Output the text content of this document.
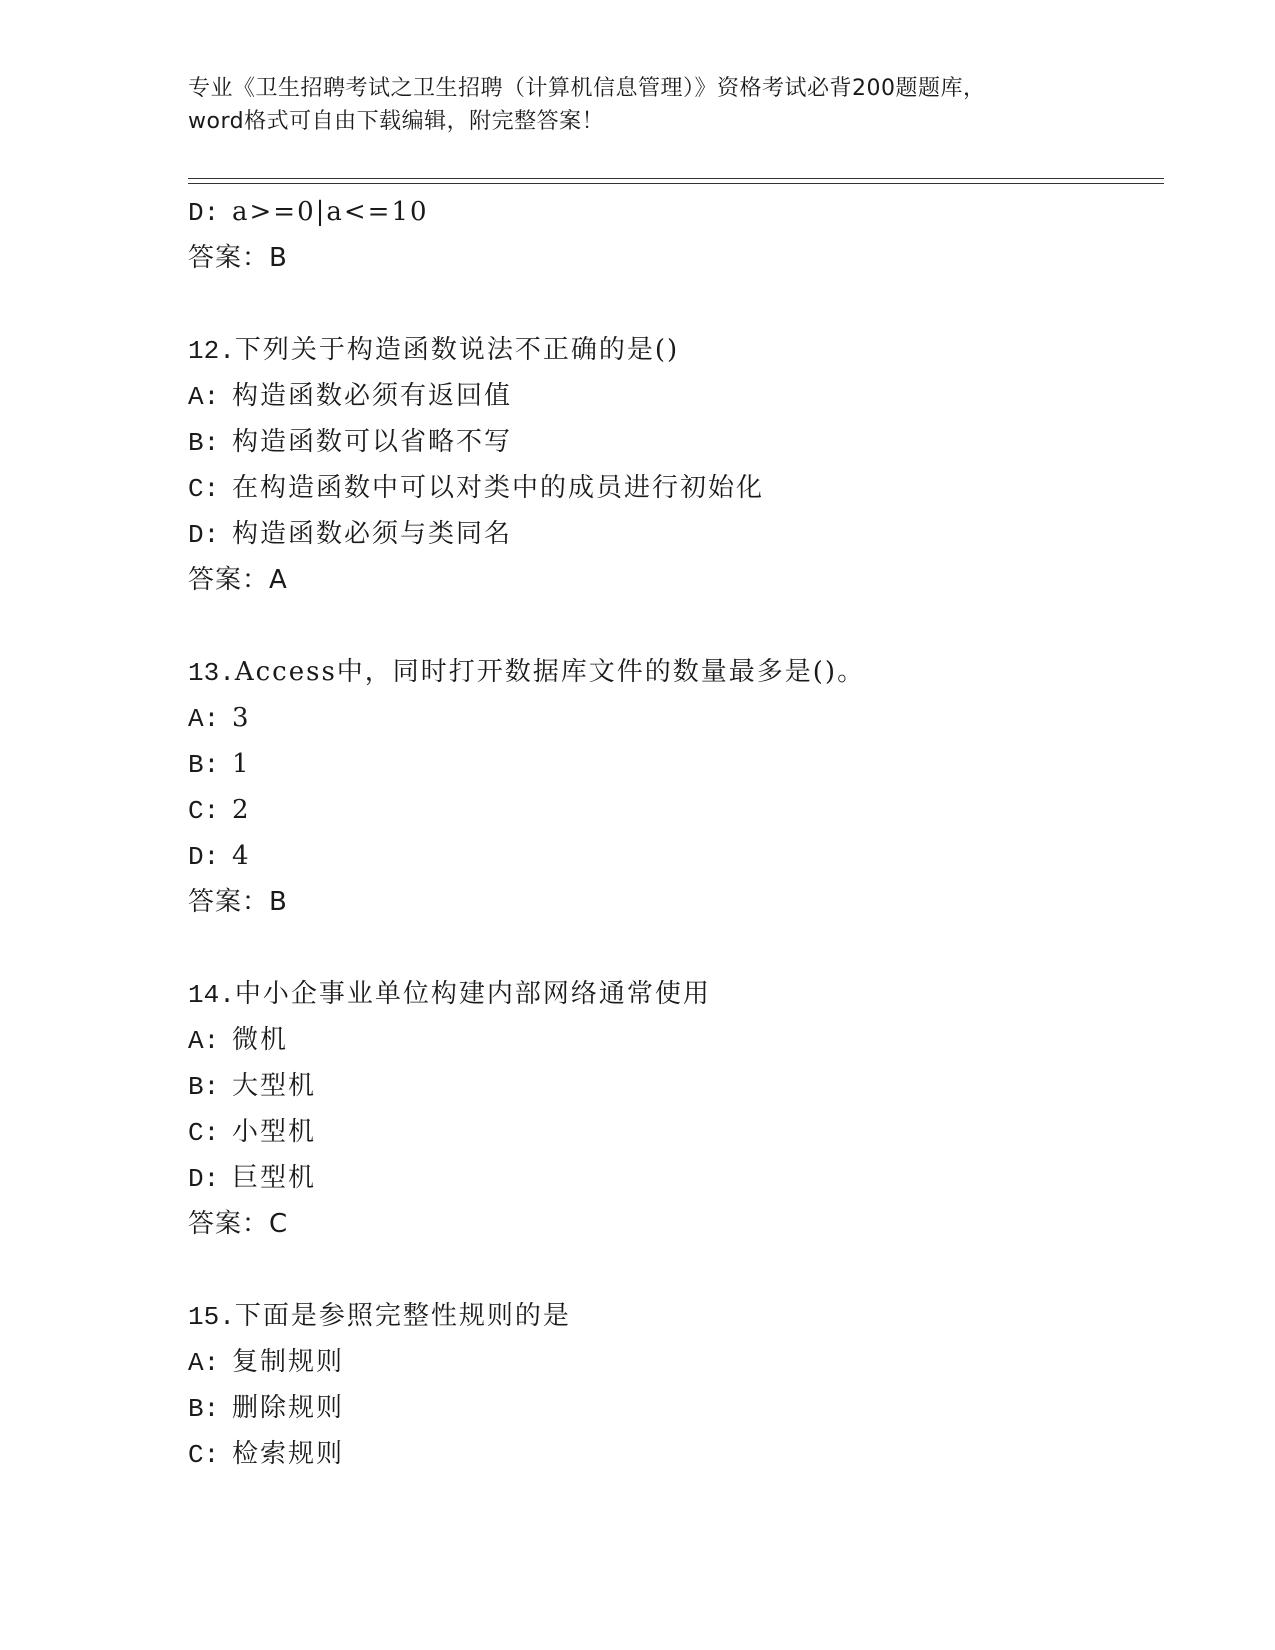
专业《卫生招聘考试之卫生招聘（计算机信息管理）》资格考试必背200题题库，
word格式可自由下载编辑，附完整答案！
D: a>=0|a<=10
答案：B
12.下列关于构造函数说法不正确的是()
A: 构造函数必须有返回值
B: 构造函数可以省略不写
C: 在构造函数中可以对类中的成员进行初始化
D: 构造函数必须与类同名
答案：A
13.Access中，同时打开数据库文件的数量最多是()。
A: 3
B: 1
C: 2
D: 4
答案：B
14.中小企事业单位构建内部网络通常使用
A: 微机
B: 大型机
C: 小型机
D: 巨型机
答案：C
15.下面是参照完整性规则的是
A: 复制规则
B: 删除规则
C: 检索规则
